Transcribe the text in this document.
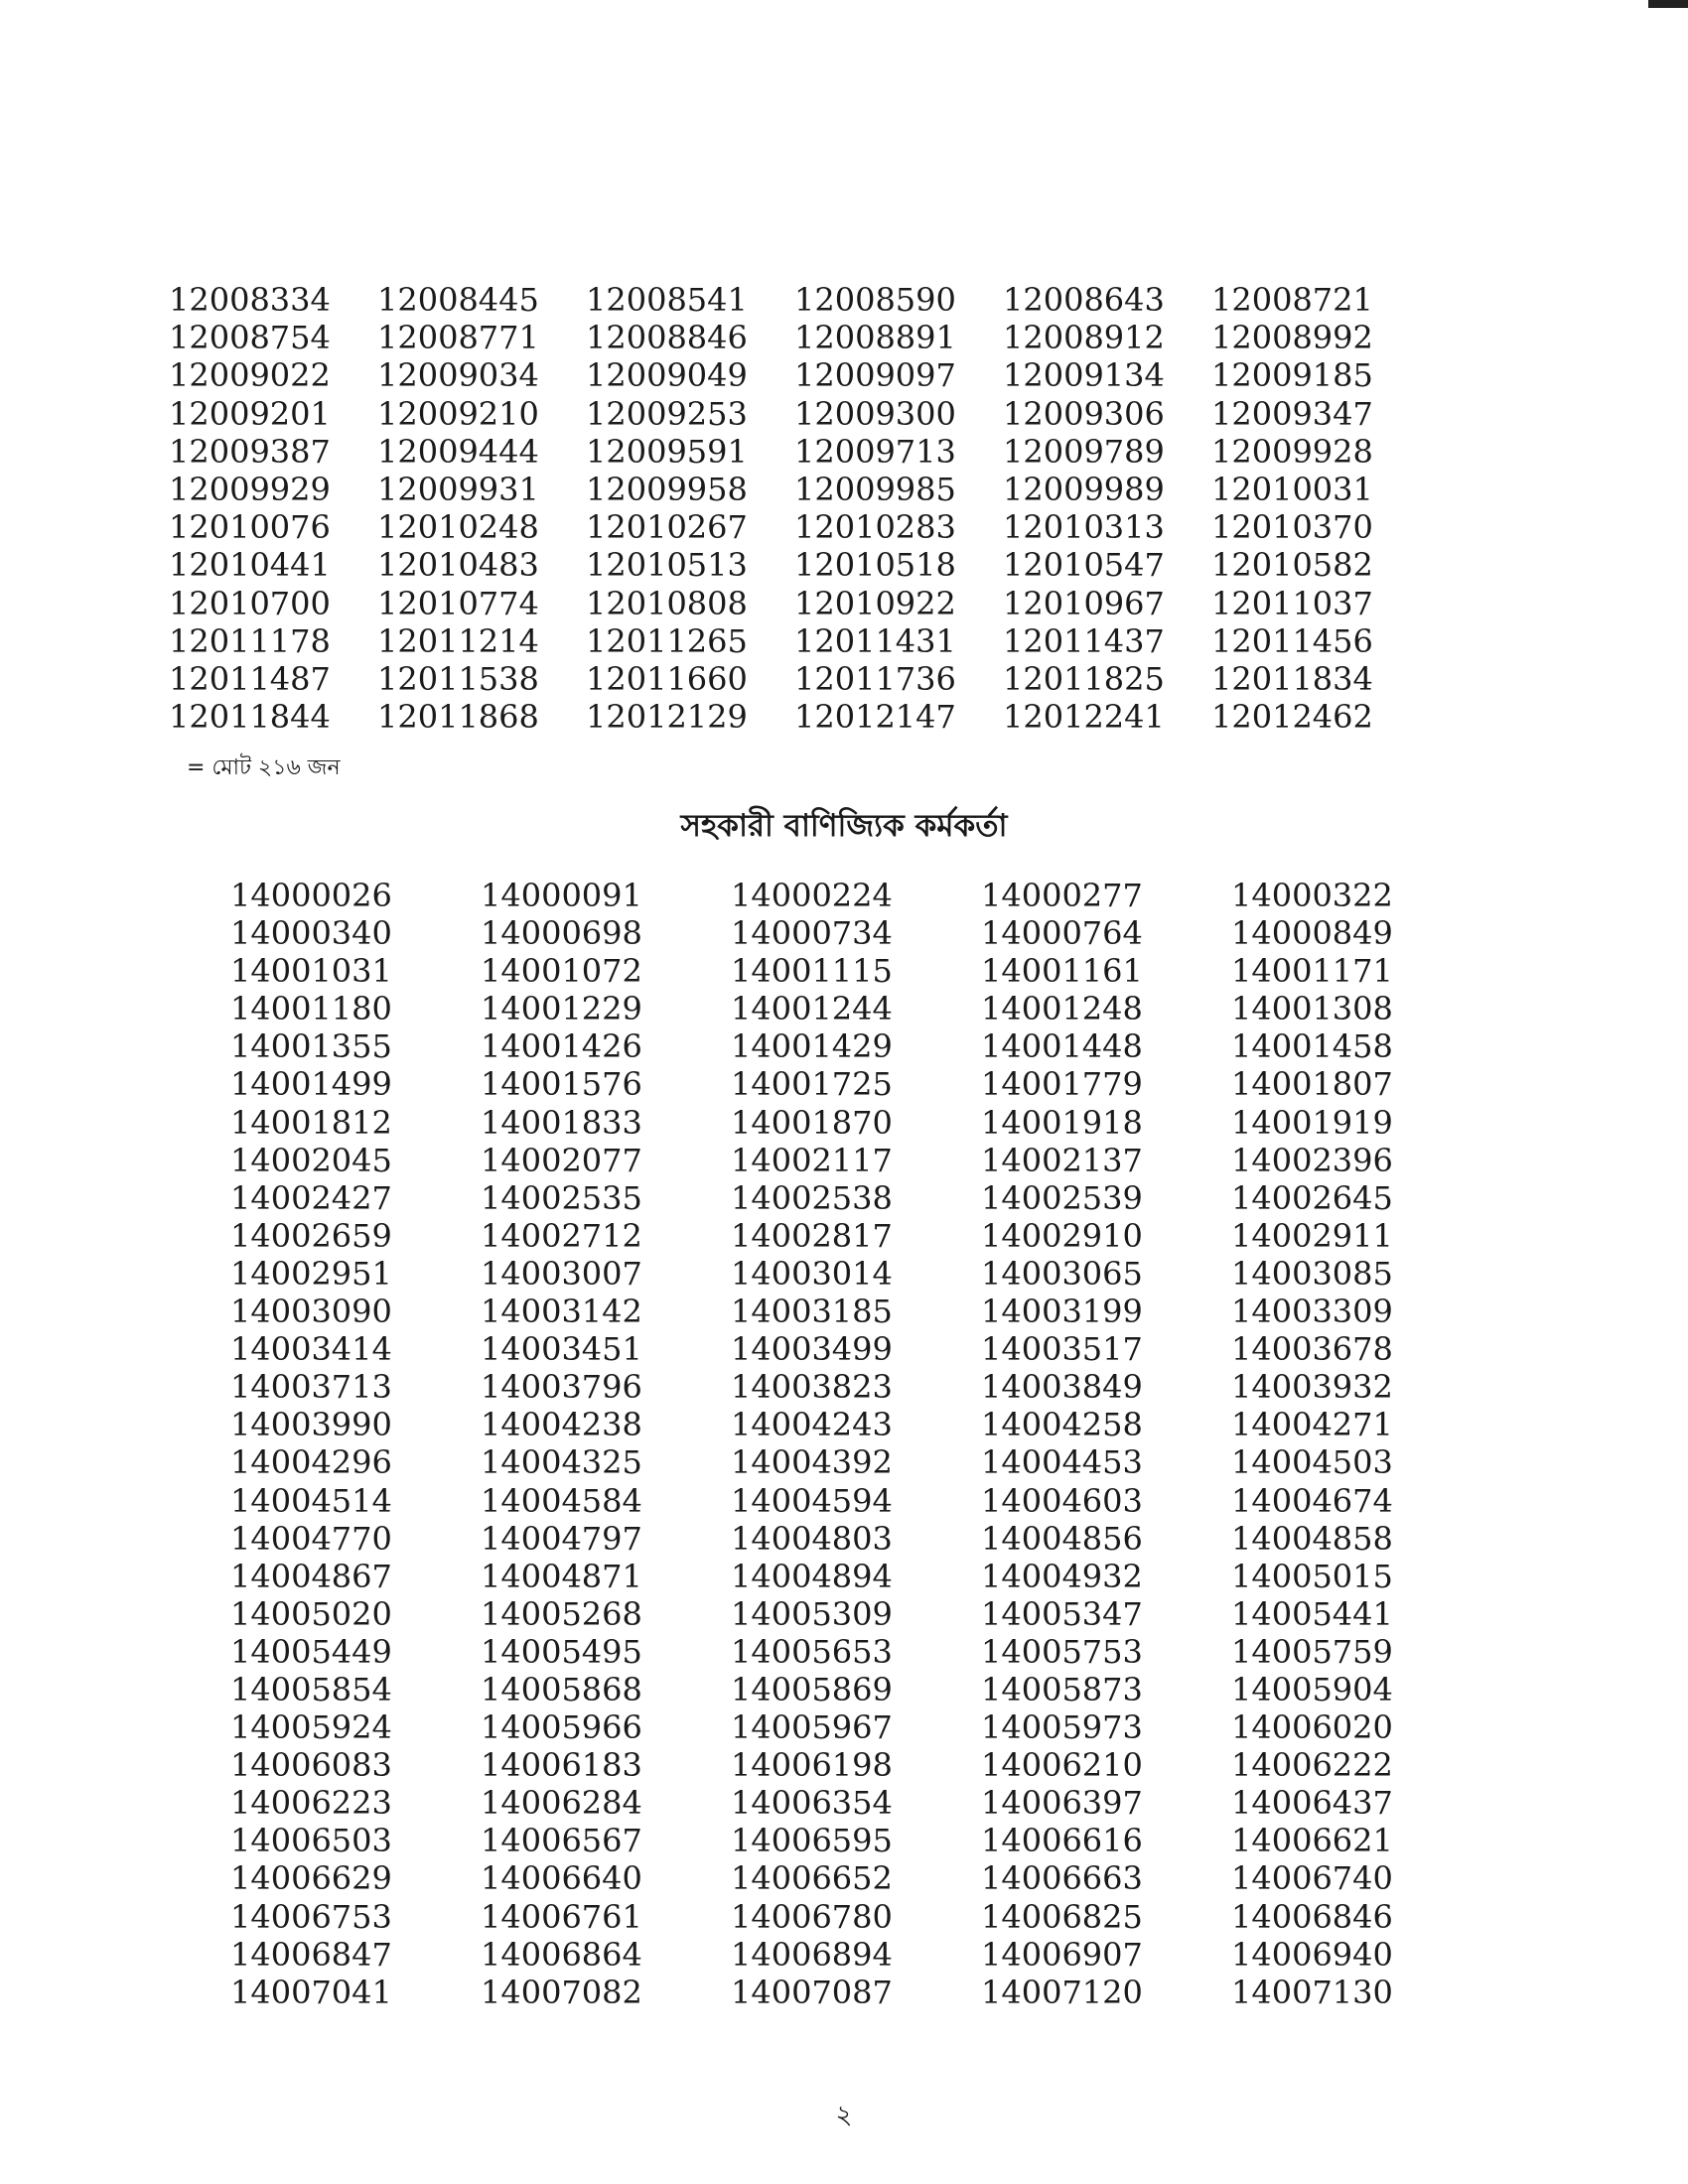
12008334	12008445	12008541	12008590	12008643	12008721
12008754	12008771	12008846	12008891	12008912	12008992
12009022	12009034	12009049	12009097	12009134	12009185
12009201	12009210	12009253	12009300	12009306	12009347
12009387	12009444	12009591	12009713	12009789	12009928
12009929	12009931	12009958	12009985	12009989	12010031
12010076	12010248	12010267	12010283	12010313	12010370
12010441	12010483	12010513	12010518	12010547	12010582
12010700	12010774	12010808	12010922	12010967	12011037
12011178	12011214	12011265	12011431	12011437	12011456
12011487	12011538	12011660	12011736	12011825	12011834
12011844	12011868	12012129	12012147	12012241	12012462
= মোট ২১৬ জন
সহকারী বাণিজ্যিক কর্মকর্তা
14000026	14000091	14000224	14000277	14000322
14000340	14000698	14000734	14000764	14000849
14001031	14001072	14001115	14001161	14001171
14001180	14001229	14001244	14001248	14001308
14001355	14001426	14001429	14001448	14001458
14001499	14001576	14001725	14001779	14001807
14001812	14001833	14001870	14001918	14001919
14002045	14002077	14002117	14002137	14002396
14002427	14002535	14002538	14002539	14002645
14002659	14002712	14002817	14002910	14002911
14002951	14003007	14003014	14003065	14003085
14003090	14003142	14003185	14003199	14003309
14003414	14003451	14003499	14003517	14003678
14003713	14003796	14003823	14003849	14003932
14003990	14004238	14004243	14004258	14004271
14004296	14004325	14004392	14004453	14004503
14004514	14004584	14004594	14004603	14004674
14004770	14004797	14004803	14004856	14004858
14004867	14004871	14004894	14004932	14005015
14005020	14005268	14005309	14005347	14005441
14005449	14005495	14005653	14005753	14005759
14005854	14005868	14005869	14005873	14005904
14005924	14005966	14005967	14005973	14006020
14006083	14006183	14006198	14006210	14006222
14006223	14006284	14006354	14006397	14006437
14006503	14006567	14006595	14006616	14006621
14006629	14006640	14006652	14006663	14006740
14006753	14006761	14006780	14006825	14006846
14006847	14006864	14006894	14006907	14006940
14007041	14007082	14007087	14007120	14007130
২
